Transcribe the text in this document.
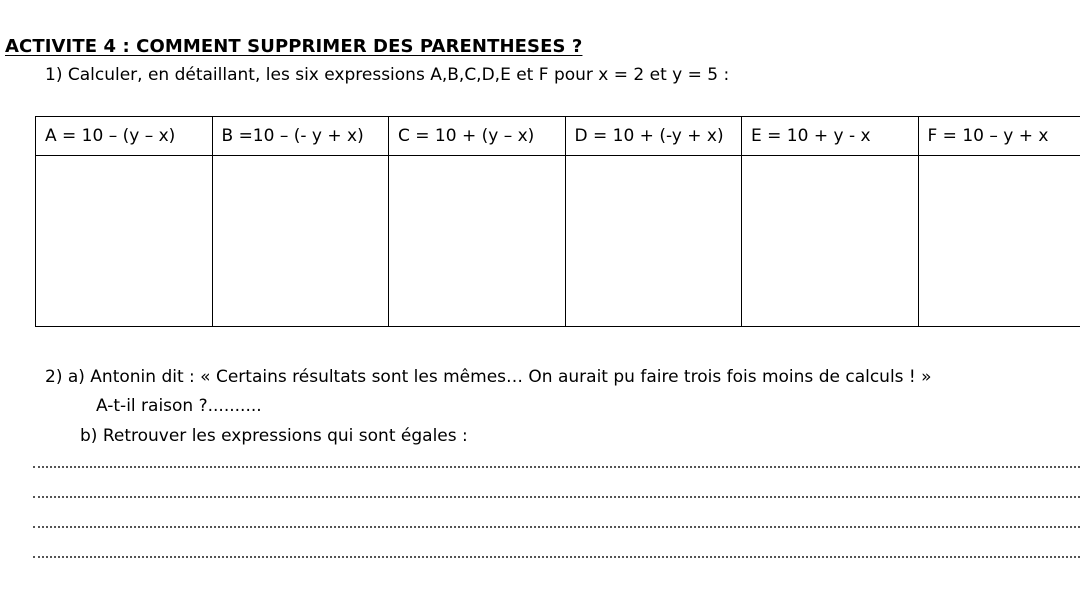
ACTIVITE 4 : COMMENT SUPPRIMER DES PARENTHESES ?
1) Calculer, en détaillant, les six expressions A,B,C,D,E et F pour x = 2 et y = 5 :
A = 10 – (y – x)	B =10 – (- y + x)	C = 10 + (y – x)	D = 10 + (-y + x)	E = 10 + y - x	F = 10 – y + x

2) a) Antonin dit : « Certains résultats sont les mêmes… On aurait pu faire trois fois moins de calculs ! »
A-t-il raison ?..........
b) Retrouver les expressions qui sont égales :
